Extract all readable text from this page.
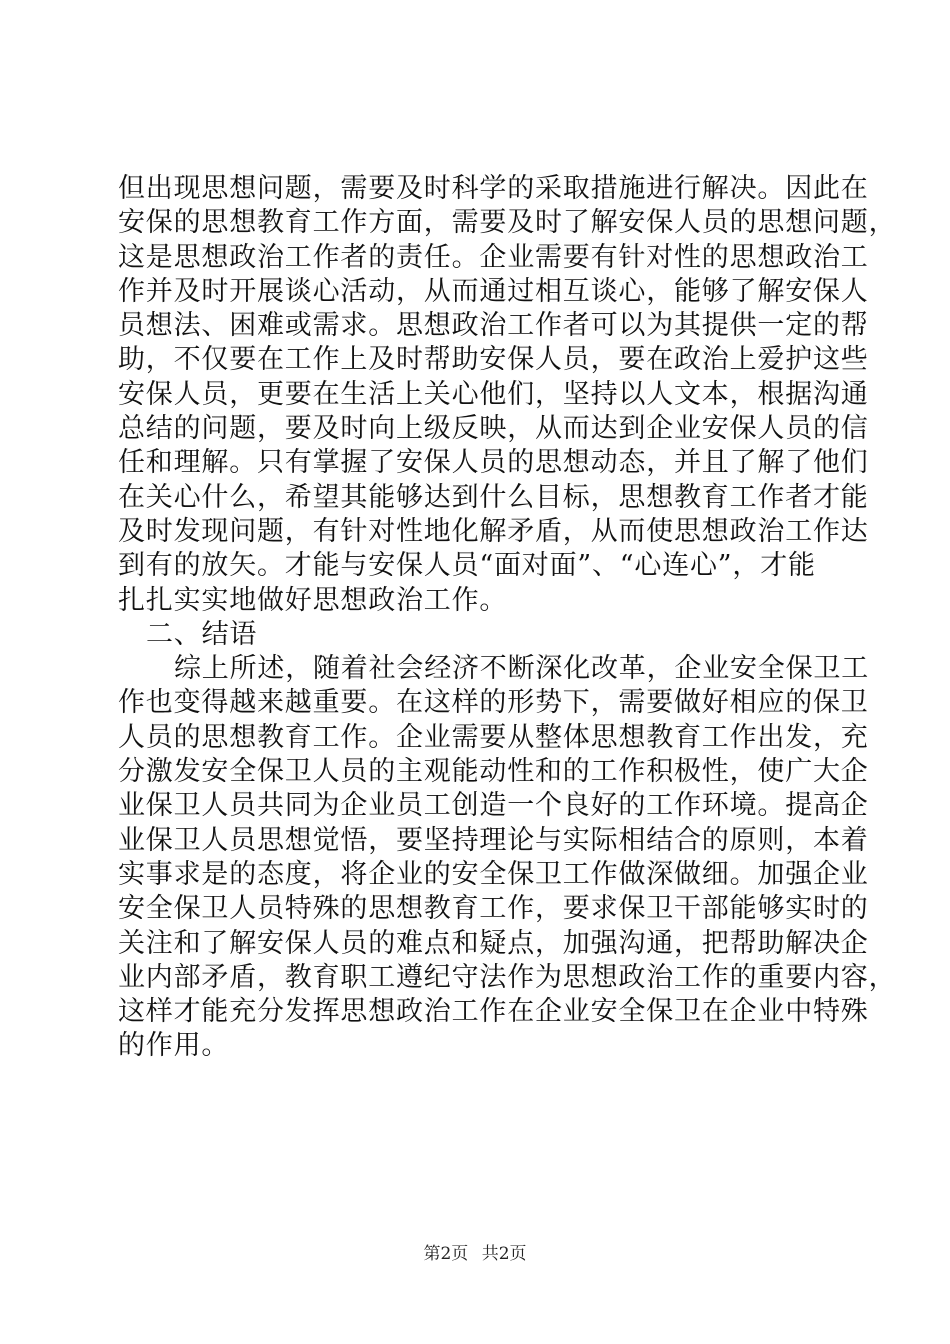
但出现思想问题，需要及时科学的采取措施进行解决。因此在
安保的思想教育工作方面，需要及时了解安保人员的思想问题，
这是思想政治工作者的责任。企业需要有针对性的思想政治工
作并及时开展谈心活动，从而通过相互谈心，能够了解安保人
员想法、困难或需求。思想政治工作者可以为其提供一定的帮
助，不仅要在工作上及时帮助安保人员，要在政治上爱护这些
安保人员，更要在生活上关心他们，坚持以人文本，根据沟通
总结的问题，要及时向上级反映，从而达到企业安保人员的信
任和理解。只有掌握了安保人员的思想动态，并且了解了他们
在关心什么，希望其能够达到什么目标，思想教育工作者才能
及时发现问题，有针对性地化解矛盾，从而使思想政治工作达
到有的放矢。才能与安保人员“面对面”、“心连心”，才能
扎扎实实地做好思想政治工作。
二、结语
综上所述，随着社会经济不断深化改革，企业安全保卫工
作也变得越来越重要。在这样的形势下，需要做好相应的保卫
人员的思想教育工作。企业需要从整体思想教育工作出发，充
分激发安全保卫人员的主观能动性和的工作积极性，使广大企
业保卫人员共同为企业员工创造一个良好的工作环境。提高企
业保卫人员思想觉悟，要坚持理论与实际相结合的原则，本着
实事求是的态度，将企业的安全保卫工作做深做细。加强企业
安全保卫人员特殊的思想教育工作，要求保卫干部能够实时的
关注和了解安保人员的难点和疑点，加强沟通，把帮助解决企
业内部矛盾，教育职工遵纪守法作为思想政治工作的重要内容，
这样才能充分发挥思想政治工作在企业安全保卫在企业中特殊
的作用。
第2页 共2页
